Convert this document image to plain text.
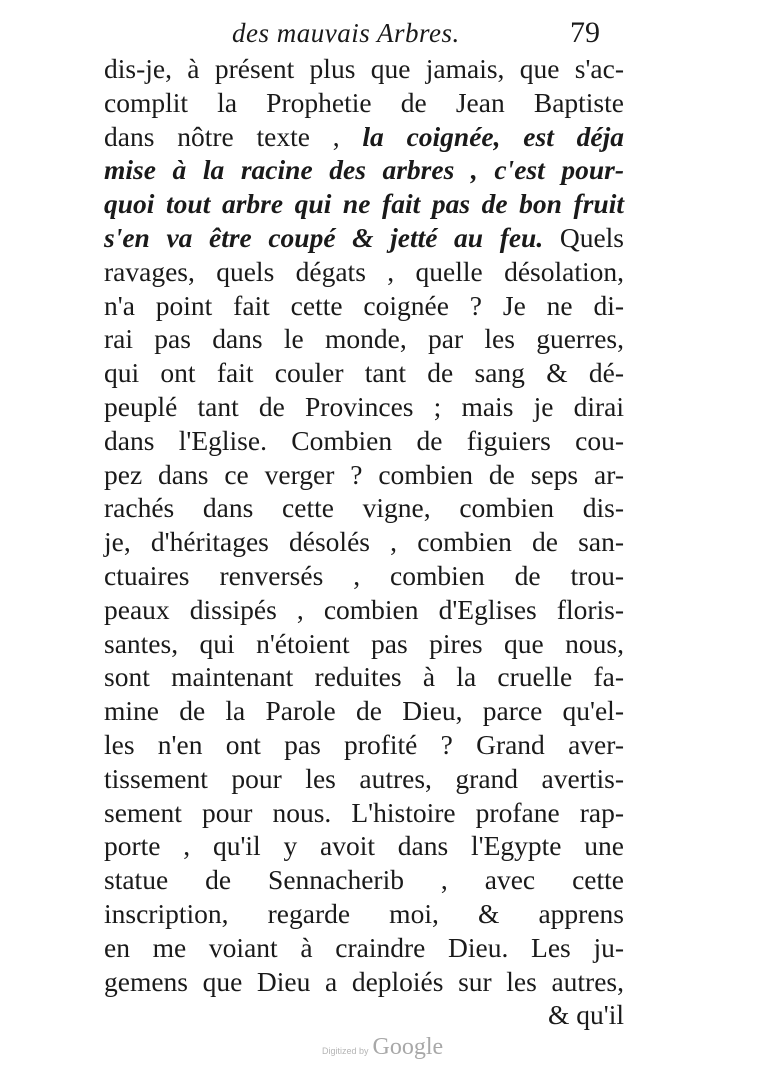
des mauvais Arbres.	79
dis-je, à présent plus que jamais, que s'ac-
complit la Prophetie de Jean Baptiste
dans nôtre texte , la coignée, est déja
mise à la racine des arbres , c'est pour-
quoi tout arbre qui ne fait pas de bon fruit
s'en va être coupé & jetté au feu. Quels
ravages, quels dégats , quelle désolation,
n'a point fait cette coignée ? Je ne di-
rai pas dans le monde, par les guerres,
qui ont fait couler tant de sang & dé-
peuplé tant de Provinces ; mais je dirai
dans l'Eglise. Combien de figuiers cou-
pez dans ce verger ? combien de seps ar-
rachés dans cette vigne, combien dis-
je, d'héritages désolés , combien de san-
ctuaires renversés , combien de trou-
peaux dissipés , combien d'Eglises floris-
santes, qui n'étoient pas pires que nous,
sont maintenant reduites à la cruelle fa-
mine de la Parole de Dieu, parce qu'el-
les n'en ont pas profité ? Grand aver-
tissement pour les autres, grand avertis-
sement pour nous. L'histoire profane rap-
porte , qu'il y avoit dans l'Egypte une
statue de Sennacherib , avec cette
inscription, regarde moi, & apprens
en me voiant à craindre Dieu. Les ju-
gemens que Dieu a deploiés sur les autres,
& qu'il
Digitized by Google
